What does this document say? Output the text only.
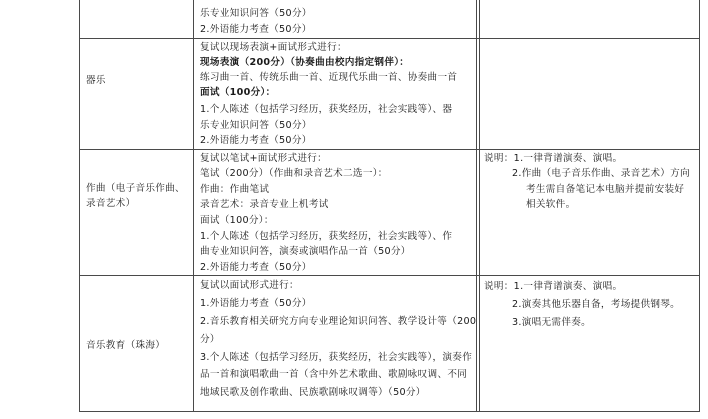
乐专业知识问答（50分）
2.外语能力考查（50分）
器乐
复试以现场表演+面试形式进行：
现场表演（200分）（协奏曲由校内指定钢伴）：
练习曲一首、传统乐曲一首、近现代乐曲一首、协奏曲一首
面试（100分）：
1.个人陈述（包括学习经历，获奖经历，社会实践等）、器
乐专业知识问答（50分）
2.外语能力考查（50分）
作曲（电子音乐作曲、
录音艺术）
复试以笔试+面试形式进行：
笔试（200分）（作曲和录音艺术二选一）：
作曲：作曲笔试
录音艺术：录音专业上机考试
面试（100分）：
1.个人陈述（包括学习经历，获奖经历，社会实践等）、作
曲专业知识问答，演奏或演唱作品一首（50分）
2.外语能力考查（50分）
说明：1.一律背谱演奏、演唱。
2.作曲（电子音乐作曲、录音艺术）方向
考生需自备笔记本电脑并提前安装好
相关软件。
音乐教育（珠海）
复试以面试形式进行：
1.外语能力考查（50分）
2.音乐教育相关研究方向专业理论知识问答、教学设计等（200
分）
3.个人陈述（包括学习经历，获奖经历，社会实践等），演奏作
品一首和演唱歌曲一首（含中外艺术歌曲、歌剧咏叹调、不同
地域民歌及创作歌曲、民族歌剧咏叹调等）（50分）
说明：1.一律背谱演奏、演唱。
2.演奏其他乐器自备，考场提供钢琴。
3.演唱无需伴奏。
